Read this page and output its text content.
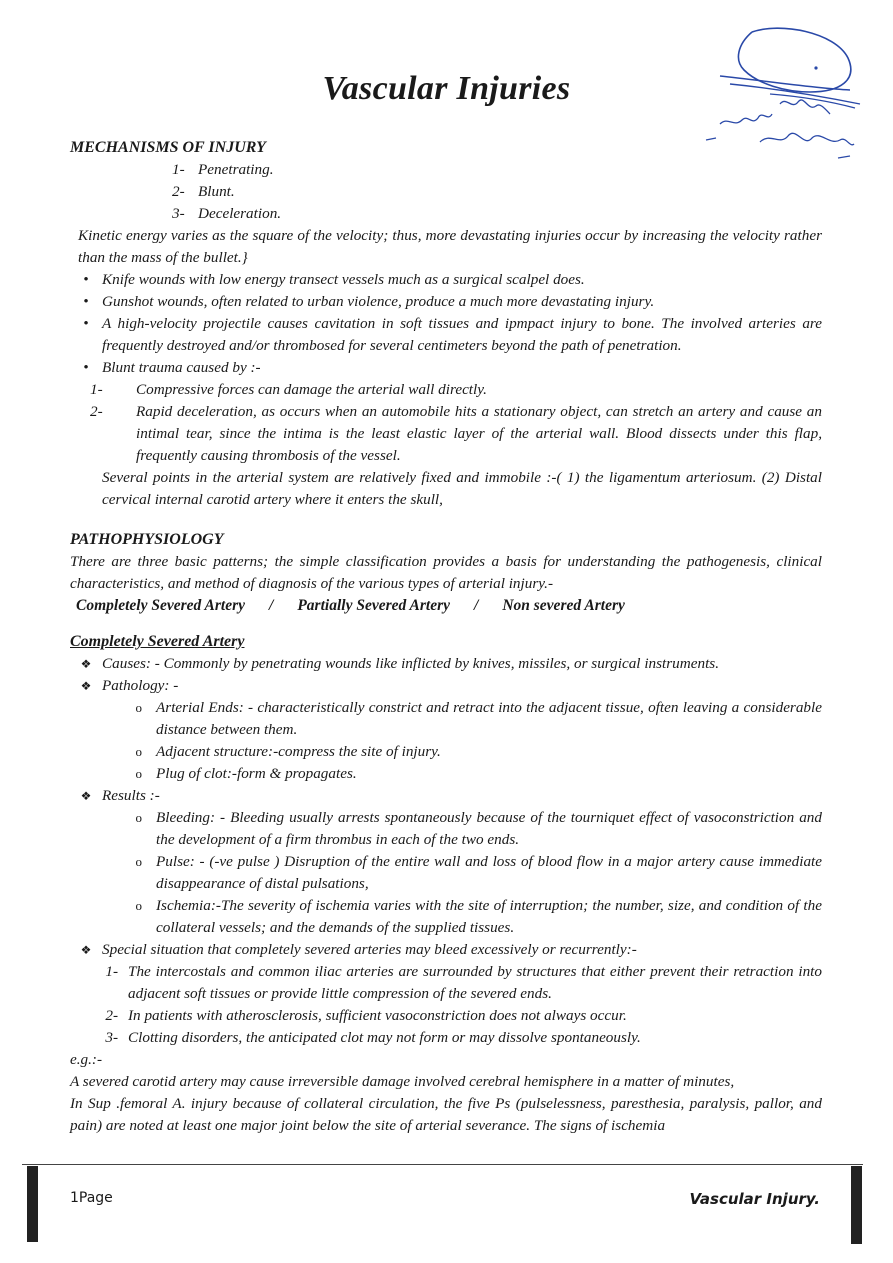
Vascular Injuries

MECHANISMS OF INJURY

1- Penetrating.
2- Blunt.
3- Deceleration.

Kinetic energy varies as the square of the velocity; thus, more devastating injuries occur by increasing the velocity rather than the mass of the bullet.}

• Knife wounds with low energy transect vessels much as a surgical scalpel does.
• Gunshot wounds, often related to urban violence, produce a much more devastating injury.
• A high-velocity projectile causes cavitation in soft tissues and ipmpact injury to bone. The involved arteries are frequently destroyed and/or thrombosed for several centimeters beyond the path of penetration.
• Blunt trauma caused by :-
1-	Compressive forces can damage the arterial wall directly.
2-	Rapid deceleration, as occurs when an automobile hits a stationary object, can stretch an artery and cause an intimal tear, since the intima is the least elastic layer of the arterial wall. Blood dissects under this flap, frequently causing thrombosis of the vessel.

Several points in the arterial system are relatively fixed and immobile :-( 1) the ligamentum arteriosum. (2) Distal cervical internal carotid artery where it enters the skull,

PATHOPHYSIOLOGY

There are three basic patterns; the simple classification provides a basis for understanding the pathogenesis, clinical characteristics, and method of diagnosis of the various types of arterial injury.-

Completely Severed Artery / Partially Severed Artery / Non severed Artery

Completely Severed Artery

❖ Causes: - Commonly by penetrating wounds like inflicted by knives, missiles, or surgical instruments.
❖ Pathology: -
o Arterial Ends: - characteristically constrict and retract into the adjacent tissue, often leaving a considerable distance between them.
o Adjacent structure:-compress the site of injury.
o Plug of clot:-form & propagates.
❖ Results :-
o Bleeding: - Bleeding usually arrests spontaneously because of the tourniquet effect of vasoconstriction and the development of a firm thrombus in each of the two ends.
o Pulse: - (-ve pulse ) Disruption of the entire wall and loss of blood flow in a major artery cause immediate disappearance of distal pulsations,
o Ischemia:-The severity of ischemia varies with the site of interruption; the number, size, and condition of the collateral vessels; and the demands of the supplied tissues.
❖ Special situation that completely severed arteries may bleed excessively or recurrently:-
1- The intercostals and common iliac arteries are surrounded by structures that either prevent their retraction into adjacent soft tissues or provide little compression of the severed ends.
2- In patients with atherosclerosis, sufficient vasoconstriction does not always occur.
3- Clotting disorders, the anticipated clot may not form or may dissolve spontaneously.

e.g.:-

A severed carotid artery may cause irreversible damage involved cerebral hemisphere in a matter of minutes,

In Sup .femoral A. injury because of collateral circulation, the five Ps (pulselessness, paresthesia, paralysis, pallor, and pain) are noted at least one major joint below the site of arterial severance. The signs of ischemia

1Page	Vascular Injury.
